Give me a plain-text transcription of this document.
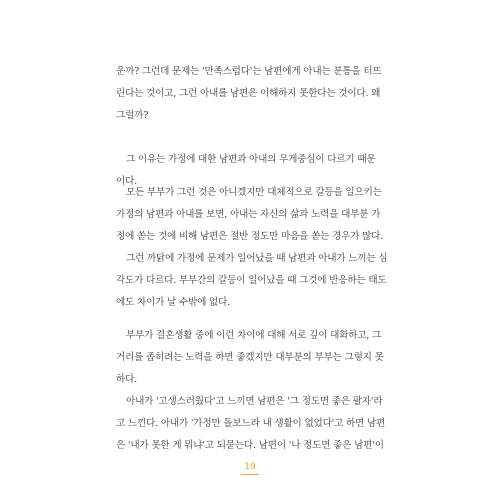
운까? 그런데 문제는 '만족스럽다'는 남편에게 아내는 분통을 터뜨
린다는 것이고, 그런 아내를 남편은 이해하지 못한다는 것이다. 왜
그럴까?
그 이유는 가정에 대한 남편과 아내의 무게중심이 다르기 때문
이다.
모든 부부가 그런 것은 아니겠지만 대체적으로 갈등을 일으키는
가정의 남편과 아내를 보면, 아내는 자신의 삶과 노력을 대부분 가
정에 쏟는 것에 비해 남편은 절반 정도만 마음을 쏟는 경우가 많다.
그런 까닭에 가정에 문제가 일어났을 때 남편과 아내가 느끼는 심
각도가 다르다. 부부간의 갈등이 일어났을 때 그것에 반응하는 태도
에도 차이가 날 수밖에 없다.
부부가 결혼생활 중에 이런 차이에 대해 서로 깊이 대화하고, 그
거리를 좁히려는 노력을 하면 좋겠지만 대부분의 부부는 그렇지 못
하다.
아내가 '고생스러웠다'고 느끼면 남편은 '그 정도면 좋은 팔자'라
고 느낀다. 아내가 '가정만 돌보느라 내 생활이 없었다'고 하면 남편
은 '내가 못한 게 뭐냐'고 되묻는다. 남편이 '나 정도면 좋은 남편'이
19
